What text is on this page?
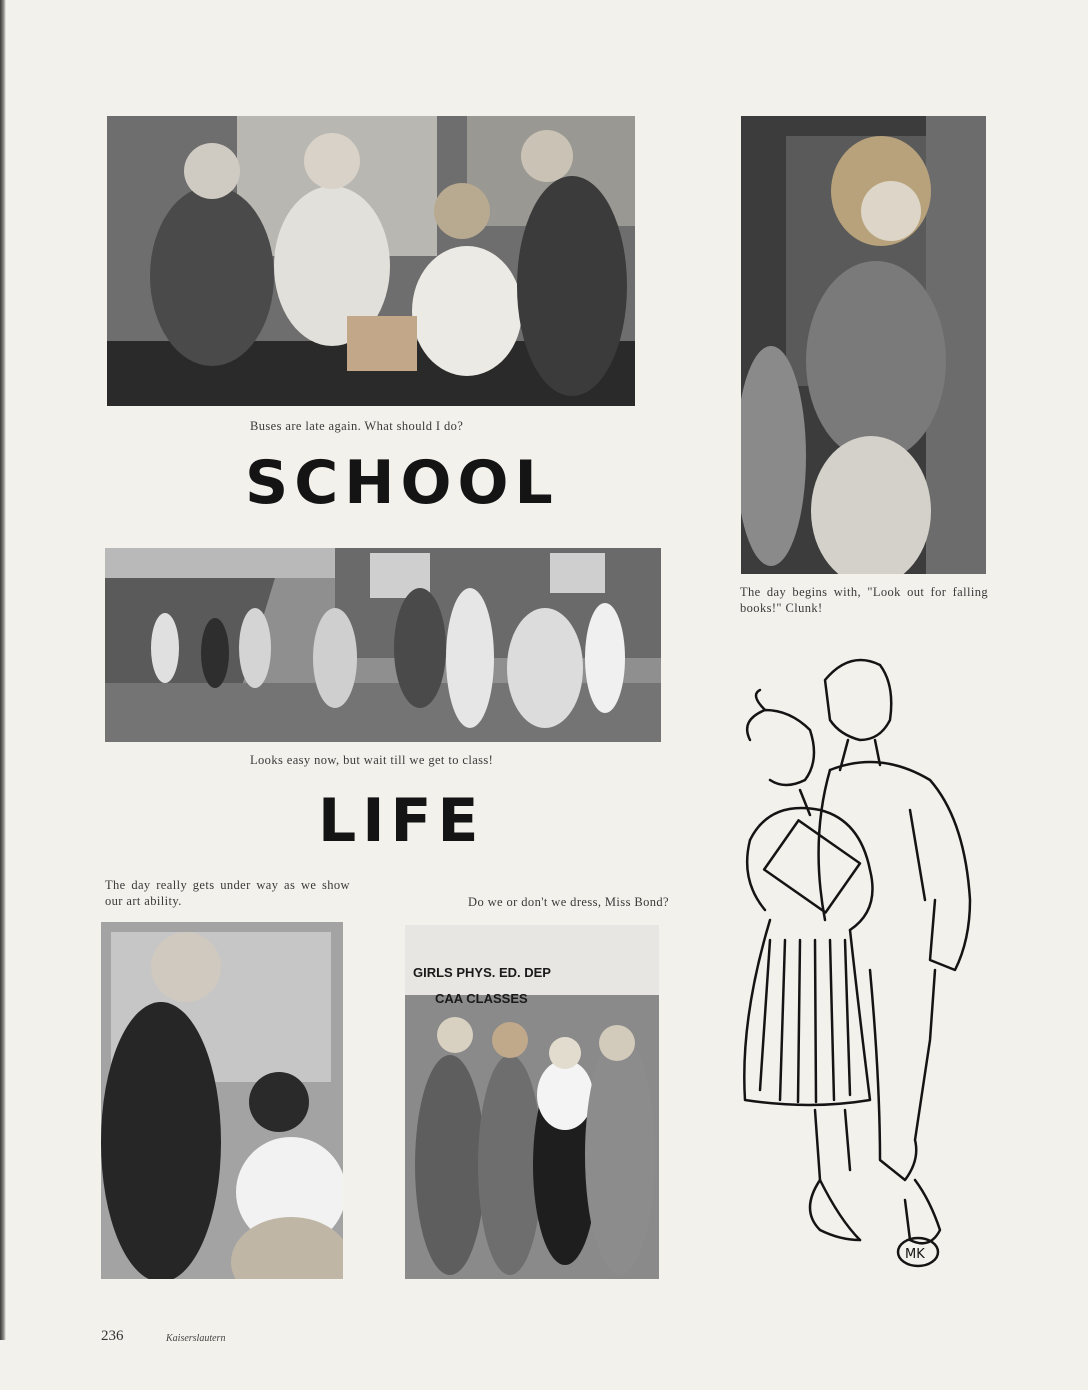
Buses are late again. What should I do?
The day begins with, "Look out for falling books!" Clunk!
SCHOOL
Looks easy now, but wait till we get to class!
LIFE
The day really gets under way as we show our art ability.	Do we or don't we dress, Miss Bond?
GIRLS PHYS. ED. DEP
CAA CLASSES
MK
236	Kaiserslautern
